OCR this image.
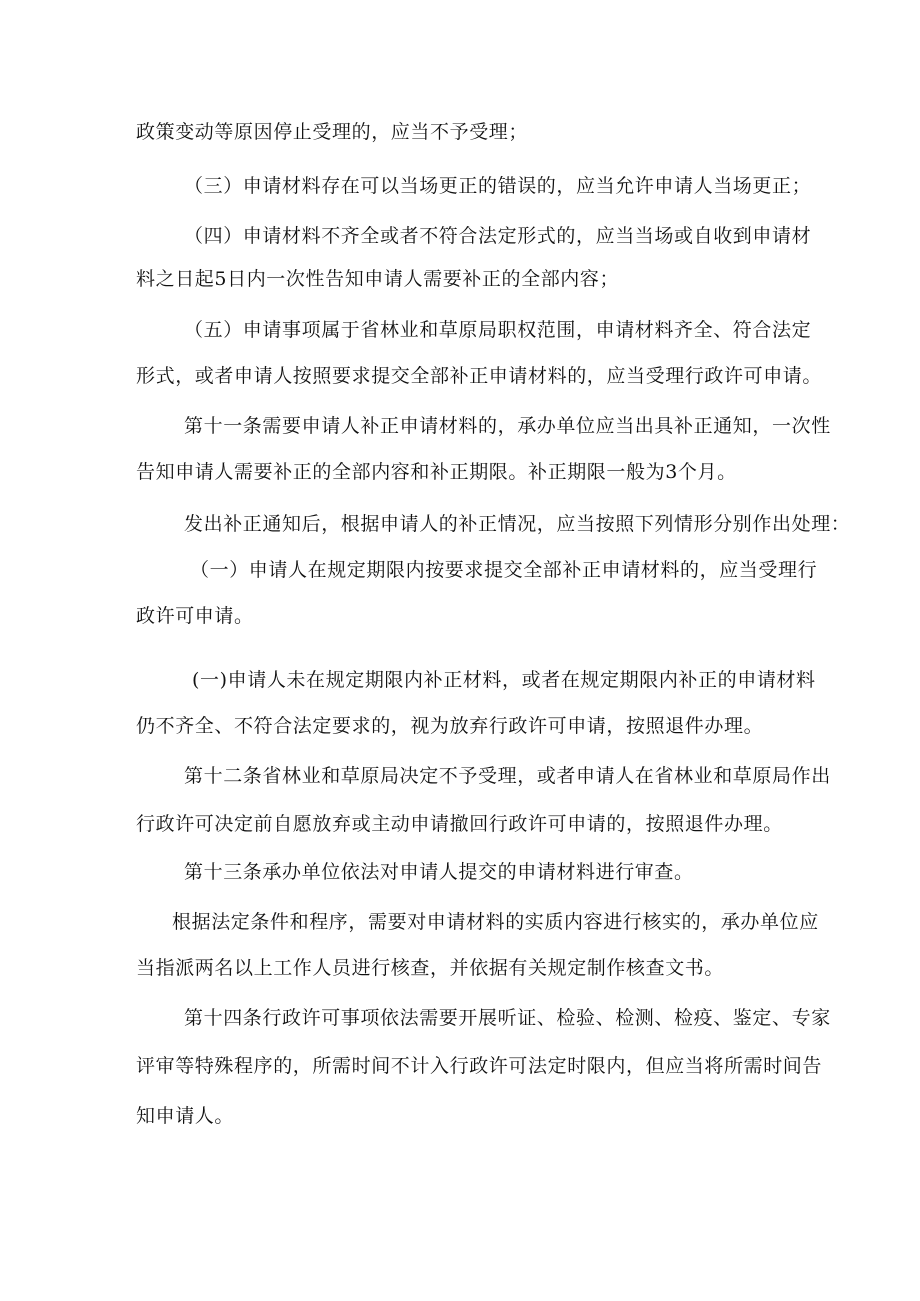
政策变动等原因停止受理的，应当不予受理；
（三）申请材料存在可以当场更正的错误的，应当允许申请人当场更正；
（四）申请材料不齐全或者不符合法定形式的，应当当场或自收到申请材
料之日起5日内一次性告知申请人需要补正的全部内容；
（五）申请事项属于省林业和草原局职权范围，申请材料齐全、符合法定
形式，或者申请人按照要求提交全部补正申请材料的，应当受理行政许可申请。
第十一条需要申请人补正申请材料的，承办单位应当出具补正通知，一次性
告知申请人需要补正的全部内容和补正期限。补正期限一般为3个月。
发出补正通知后，根据申请人的补正情况，应当按照下列情形分别作出处理：
（一）申请人在规定期限内按要求提交全部补正申请材料的，应当受理行
政许可申请。
(一)申请人未在规定期限内补正材料，或者在规定期限内补正的申请材料
仍不齐全、不符合法定要求的，视为放弃行政许可申请，按照退件办理。
第十二条省林业和草原局决定不予受理，或者申请人在省林业和草原局作出
行政许可决定前自愿放弃或主动申请撤回行政许可申请的，按照退件办理。
第十三条承办单位依法对申请人提交的申请材料进行审查。
根据法定条件和程序，需要对申请材料的实质内容进行核实的，承办单位应
当指派两名以上工作人员进行核查，并依据有关规定制作核查文书。
第十四条行政许可事项依法需要开展听证、检验、检测、检疫、鉴定、专家
评审等特殊程序的，所需时间不计入行政许可法定时限内，但应当将所需时间告
知申请人。
